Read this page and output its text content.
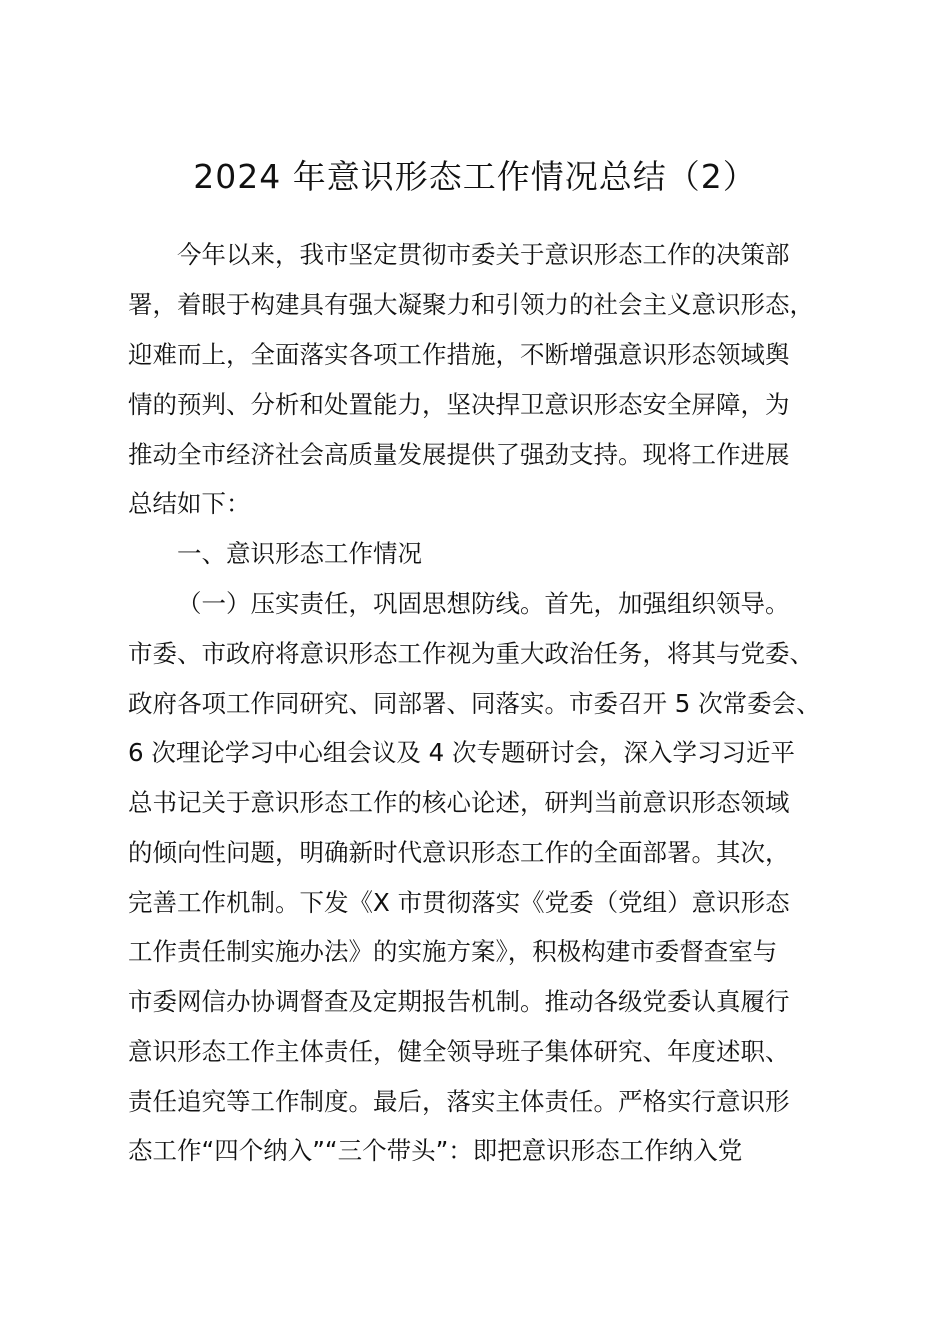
2024 年意识形态工作情况总结（2）

今年以来，我市坚定贯彻市委关于意识形态工作的决策部

署，着眼于构建具有强大凝聚力和引领力的社会主义意识形态，

迎难而上，全面落实各项工作措施，不断增强意识形态领域舆

情的预判、分析和处置能力，坚决捍卫意识形态安全屏障，为

推动全市经济社会高质量发展提供了强劲支持。现将工作进展

总结如下：

一、意识形态工作情况

（一）压实责任，巩固思想防线。首先，加强组织领导。

市委、市政府将意识形态工作视为重大政治任务，将其与党委、

政府各项工作同研究、同部署、同落实。市委召开 5 次常委会、

6 次理论学习中心组会议及 4 次专题研讨会，深入学习习近平

总书记关于意识形态工作的核心论述，研判当前意识形态领域

的倾向性问题，明确新时代意识形态工作的全面部署。其次，

完善工作机制。下发《X 市贯彻落实《党委（党组）意识形态

工作责任制实施办法》的实施方案》，积极构建市委督查室与

市委网信办协调督查及定期报告机制。推动各级党委认真履行

意识形态工作主体责任，健全领导班子集体研究、年度述职、

责任追究等工作制度。最后，落实主体责任。严格实行意识形

态工作“四个纳入”“三个带头”：即把意识形态工作纳入党
